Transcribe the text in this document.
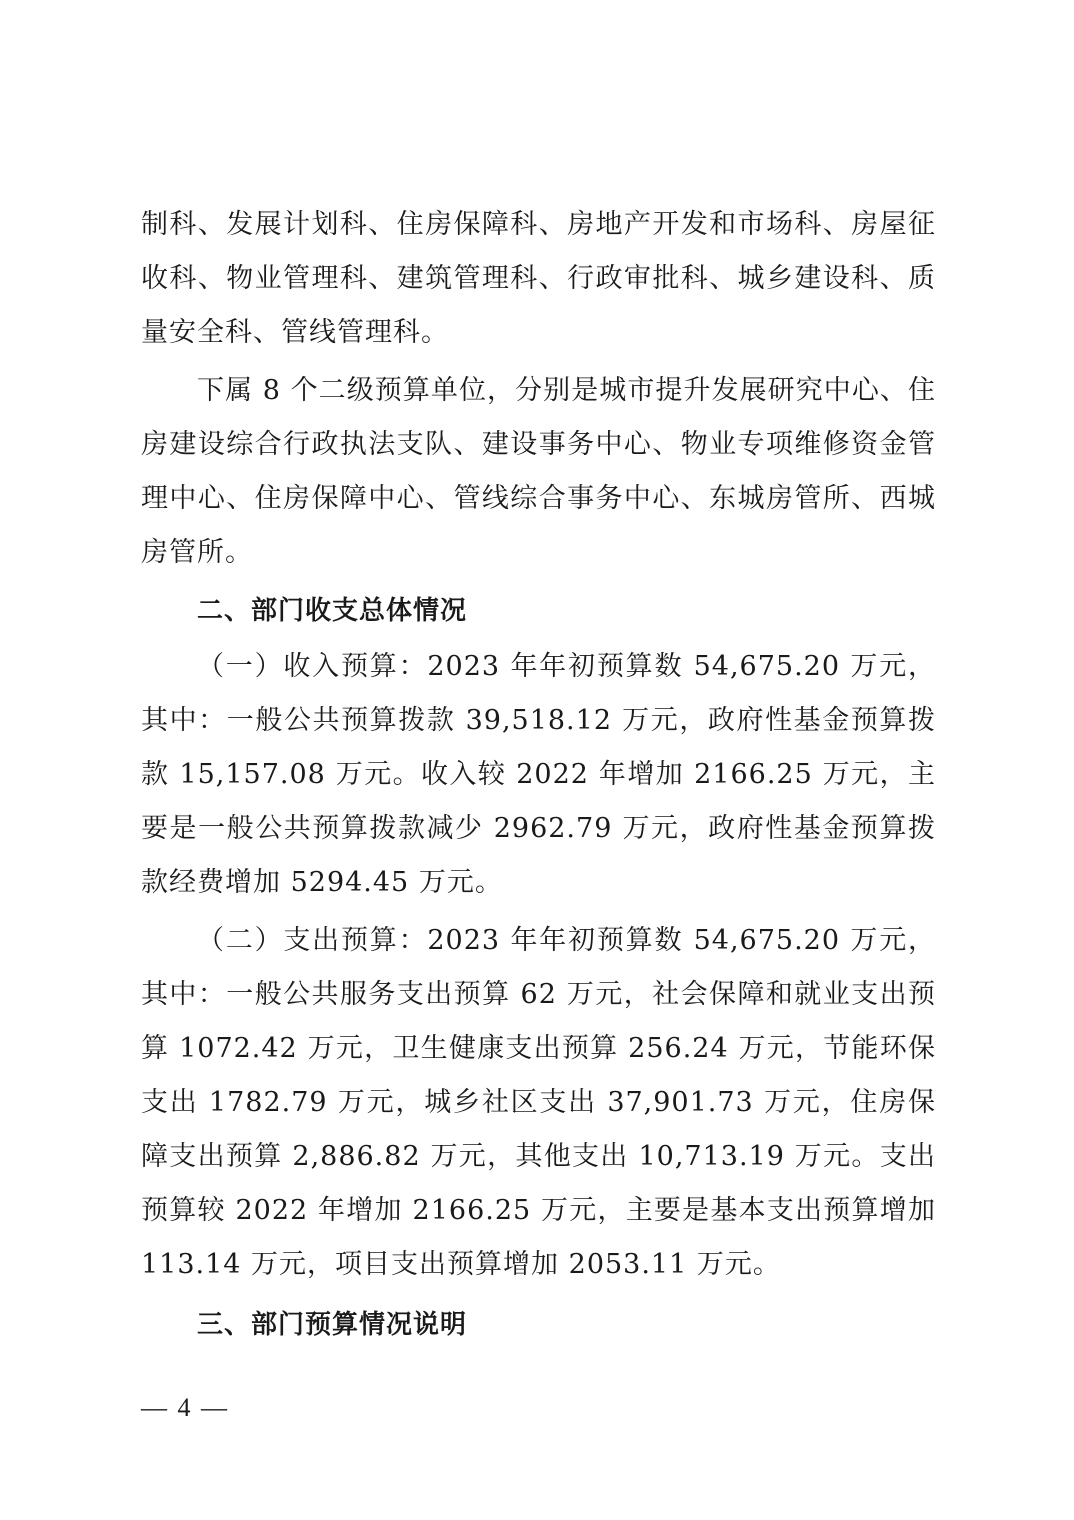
制科、发展计划科、住房保障科、房地产开发和市场科、房屋征收科、物业管理科、建筑管理科、行政审批科、城乡建设科、质量安全科、管线管理科。

下属 8 个二级预算单位，分别是城市提升发展研究中心、住房建设综合行政执法支队、建设事务中心、物业专项维修资金管理中心、住房保障中心、管线综合事务中心、东城房管所、西城房管所。

二、部门收支总体情况

（一）收入预算：2023 年年初预算数 54,675.20 万元，其中：一般公共预算拨款 39,518.12 万元，政府性基金预算拨款 15,157.08 万元。收入较 2022 年增加 2166.25 万元，主要是一般公共预算拨款减少 2962.79 万元，政府性基金预算拨款经费增加 5294.45 万元。

（二）支出预算：2023 年年初预算数 54,675.20 万元，其中：一般公共服务支出预算 62 万元，社会保障和就业支出预算 1072.42 万元，卫生健康支出预算 256.24 万元，节能环保支出 1782.79 万元，城乡社区支出 37,901.73 万元，住房保障支出预算 2,886.82 万元，其他支出 10,713.19 万元。支出预算较 2022 年增加 2166.25 万元，主要是基本支出预算增加 113.14 万元，项目支出预算增加 2053.11 万元。

三、部门预算情况说明

— 4 —
